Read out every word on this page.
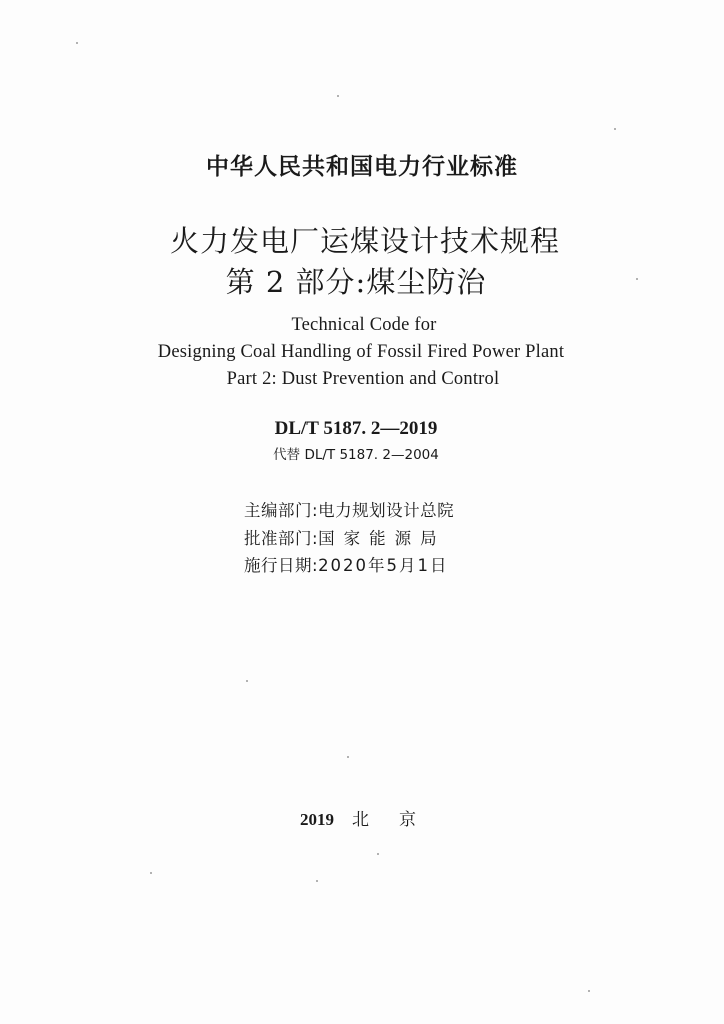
中华人民共和国电力行业标准
火力发电厂运煤设计技术规程
第 2 部分:煤尘防治
Technical Code for
Designing Coal Handling of Fossil Fired Power Plant
Part 2: Dust Prevention and Control
DL/T 5187. 2—2019
代替 DL/T 5187. 2—2004
主编部门:电力规划设计总院
批准部门:国家能源局
施行日期:2020年5月1日
2019 北京
